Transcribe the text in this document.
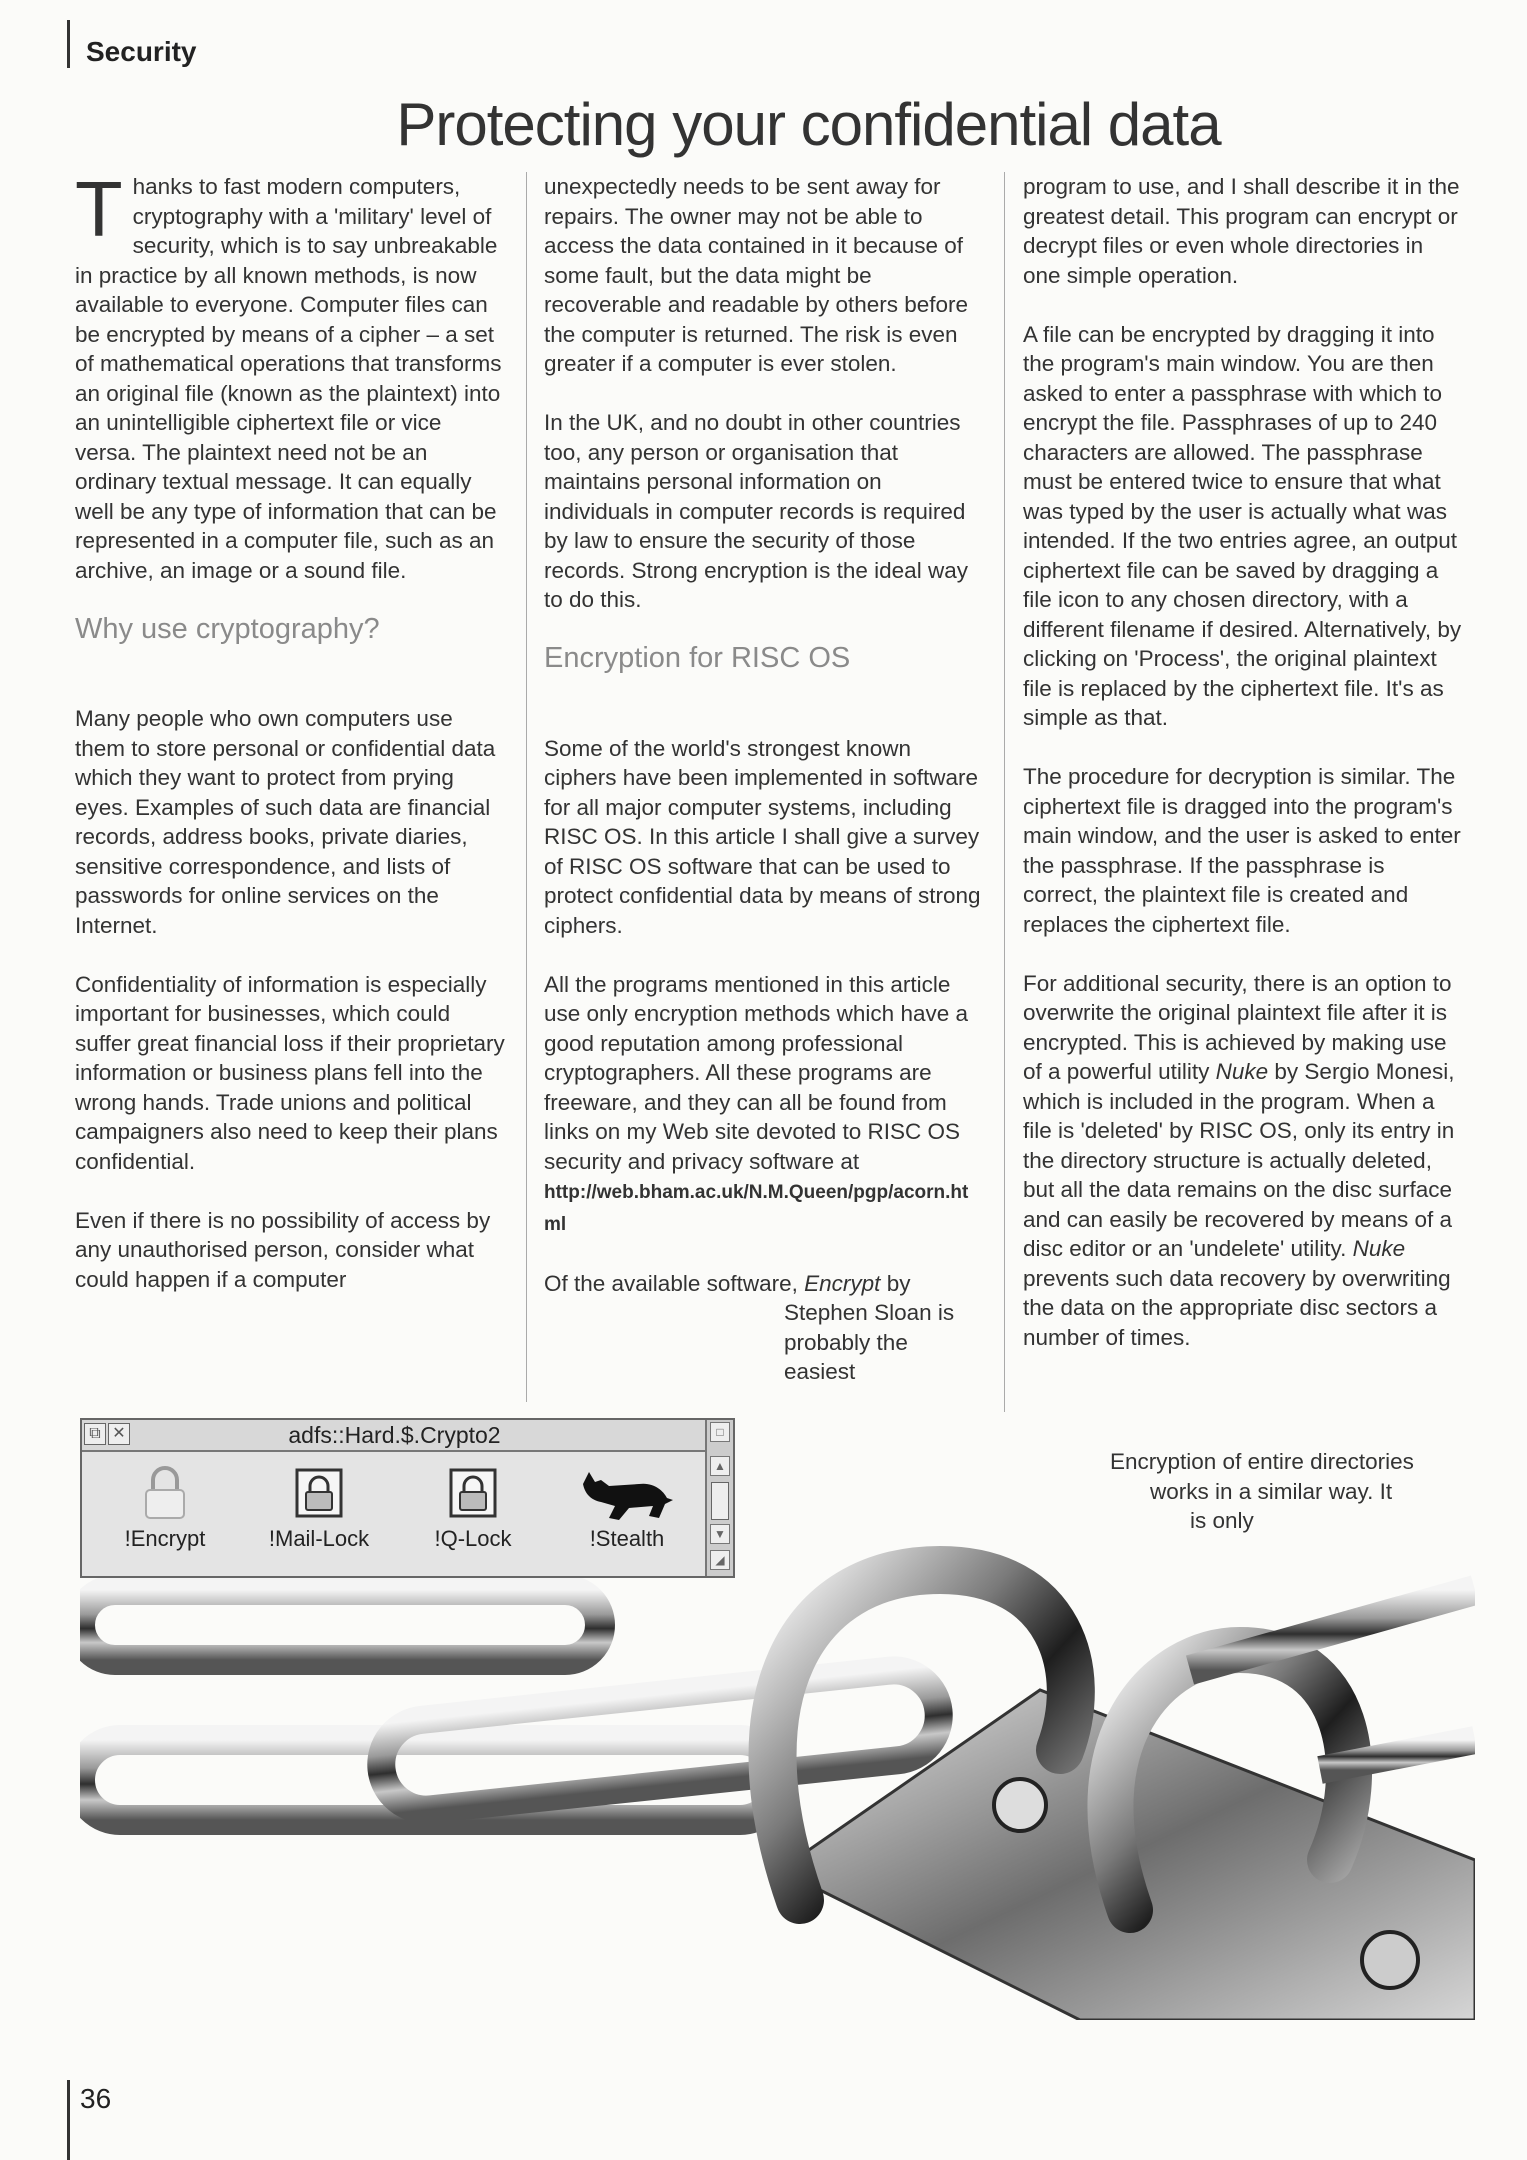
Security
Protecting your confidential data

Thanks to fast modern computers, cryptography with a 'military' level of security, which is to say unbreakable in practice by all known methods, is now available to everyone. Computer files can be encrypted by means of a cipher – a set of mathematical operations that transforms an original file (known as the plaintext) into an unintelligible ciphertext file or vice versa. The plaintext need not be an ordinary textual message. It can equally well be any type of information that can be represented in a computer file, such as an archive, an image or a sound file.

Why use cryptography?

Many people who own computers use them to store personal or confidential data which they want to protect from prying eyes. Examples of such data are financial records, address books, private diaries, sensitive correspondence, and lists of passwords for online services on the Internet.

Confidentiality of information is especially important for businesses, which could suffer great financial loss if their proprietary information or business plans fell into the wrong hands. Trade unions and political campaigners also need to keep their plans confidential.

Even if there is no possibility of access by any unauthorised person, consider what could happen if a computer

unexpectedly needs to be sent away for repairs. The owner may not be able to access the data contained in it because of some fault, but the data might be recoverable and readable by others before the computer is returned. The risk is even greater if a computer is ever stolen.

In the UK, and no doubt in other countries too, any person or organisation that maintains personal information on individuals in computer records is required by law to ensure the security of those records. Strong encryption is the ideal way to do this.

Encryption for RISC OS

Some of the world's strongest known ciphers have been implemented in software for all major computer systems, including RISC OS. In this article I shall give a survey of RISC OS software that can be used to protect confidential data by means of strong ciphers.

All the programs mentioned in this article use only encryption methods which have a good reputation among professional cryptographers. All these programs are freeware, and they can all be found from links on my Web site devoted to RISC OS security and privacy software at
http://web.bham.ac.uk/N.M.Queen/pgp/acorn.html

Of the available software, Encrypt by

Stephen Sloan is probably the easiest

program to use, and I shall describe it in the greatest detail. This program can encrypt or decrypt files or even whole directories in one simple operation.

A file can be encrypted by dragging it into the program's main window. You are then asked to enter a passphrase with which to encrypt the file. Passphrases of up to 240 characters are allowed. The passphrase must be entered twice to ensure that what was typed by the user is actually what was intended. If the two entries agree, an output ciphertext file can be saved by dragging a file icon to any chosen directory, with a different filename if desired. Alternatively, by clicking on 'Process', the original plaintext file is replaced by the ciphertext file. It's as simple as that.

The procedure for decryption is similar. The ciphertext file is dragged into the program's main window, and the user is asked to enter the passphrase. If the passphrase is correct, the plaintext file is created and replaces the ciphertext file.

For additional security, there is an option to overwrite the original plaintext file after it is encrypted. This is achieved by making use of a powerful utility Nuke by Sergio Monesi, which is included in the program. When a file is 'deleted' by RISC OS, only its entry in the directory structure is actually deleted, but all the data remains on the disc surface and can easily be recovered by means of a disc editor or an 'undelete' utility. Nuke prevents such data recovery by overwriting the data on the appropriate disc sectors a number of times.

⧉ ✕	adfs::Hard.$.Crypto2	□
▲
▼
◢
!Encrypt	!Mail-Lock	!Q-Lock	!Stealth
Encryption of entire directories
works in a similar way. It
is only
36
